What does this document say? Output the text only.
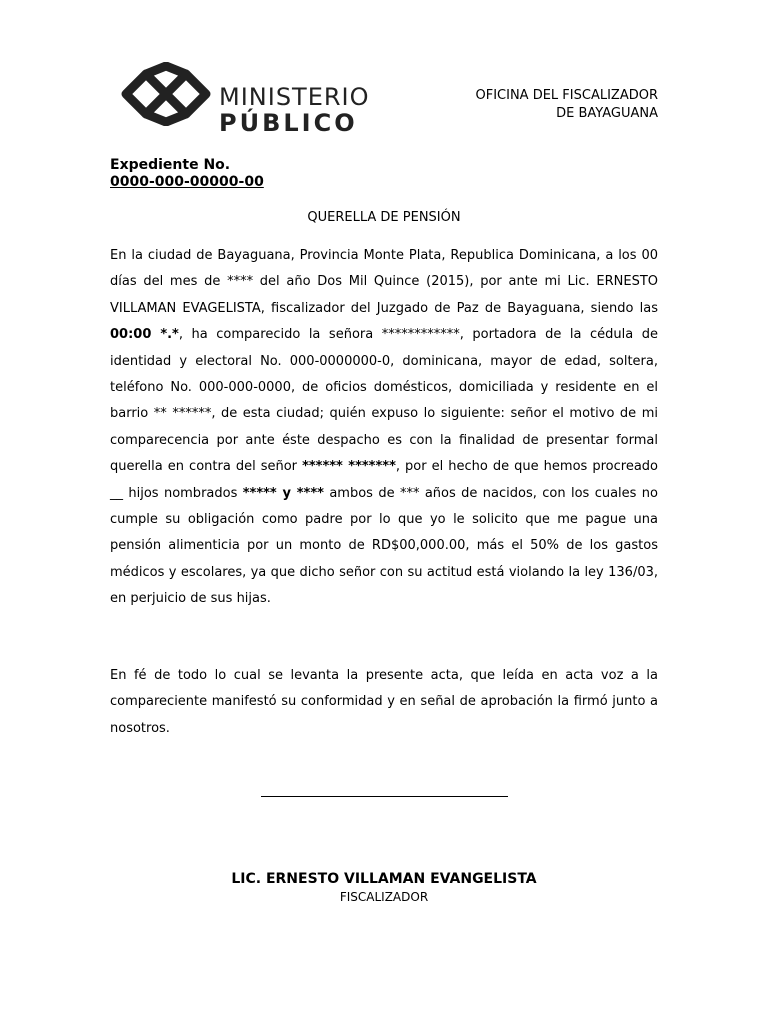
MINISTERIO
PÚBLICO
OFICINA DEL FISCALIZADOR
DE BAYAGUANA
Expediente No.
0000-000-00000-00
QUERELLA DE PENSIÓN
En la ciudad de Bayaguana, Provincia Monte Plata, Republica Dominicana, a los 00 días del mes de **** del año Dos Mil Quince (2015), por ante mi Lic. ERNESTO VILLAMAN EVAGELISTA, fiscalizador del Juzgado de Paz de Bayaguana, siendo las 00:00 *.*, ha comparecido la señora ************, portadora de la cédula de identidad y electoral No. 000-0000000-0, dominicana, mayor de edad, soltera, teléfono No. 000-000-0000, de oficios domésticos, domiciliada y residente en el barrio ** ******, de esta ciudad; quién expuso lo siguiente: señor el motivo de mi comparecencia por ante éste despacho es con la finalidad de presentar formal querella en contra del señor ****** *******, por el hecho de que hemos procreado __ hijos nombrados ***** y **** ambos de *** años de nacidos, con los cuales no cumple su obligación como padre por lo que yo le solicito que me pague una pensión alimenticia por un monto de RD$00,000.00, más el 50% de los gastos médicos y escolares, ya que dicho señor con su actitud está violando la ley 136/03, en perjuicio de sus hijas.
En fé de todo lo cual se levanta la presente acta, que leída en acta voz a la compareciente manifestó su conformidad y en señal de aprobación la firmó junto a nosotros.
LIC. ERNESTO VILLAMAN EVANGELISTA
FISCALIZADOR
